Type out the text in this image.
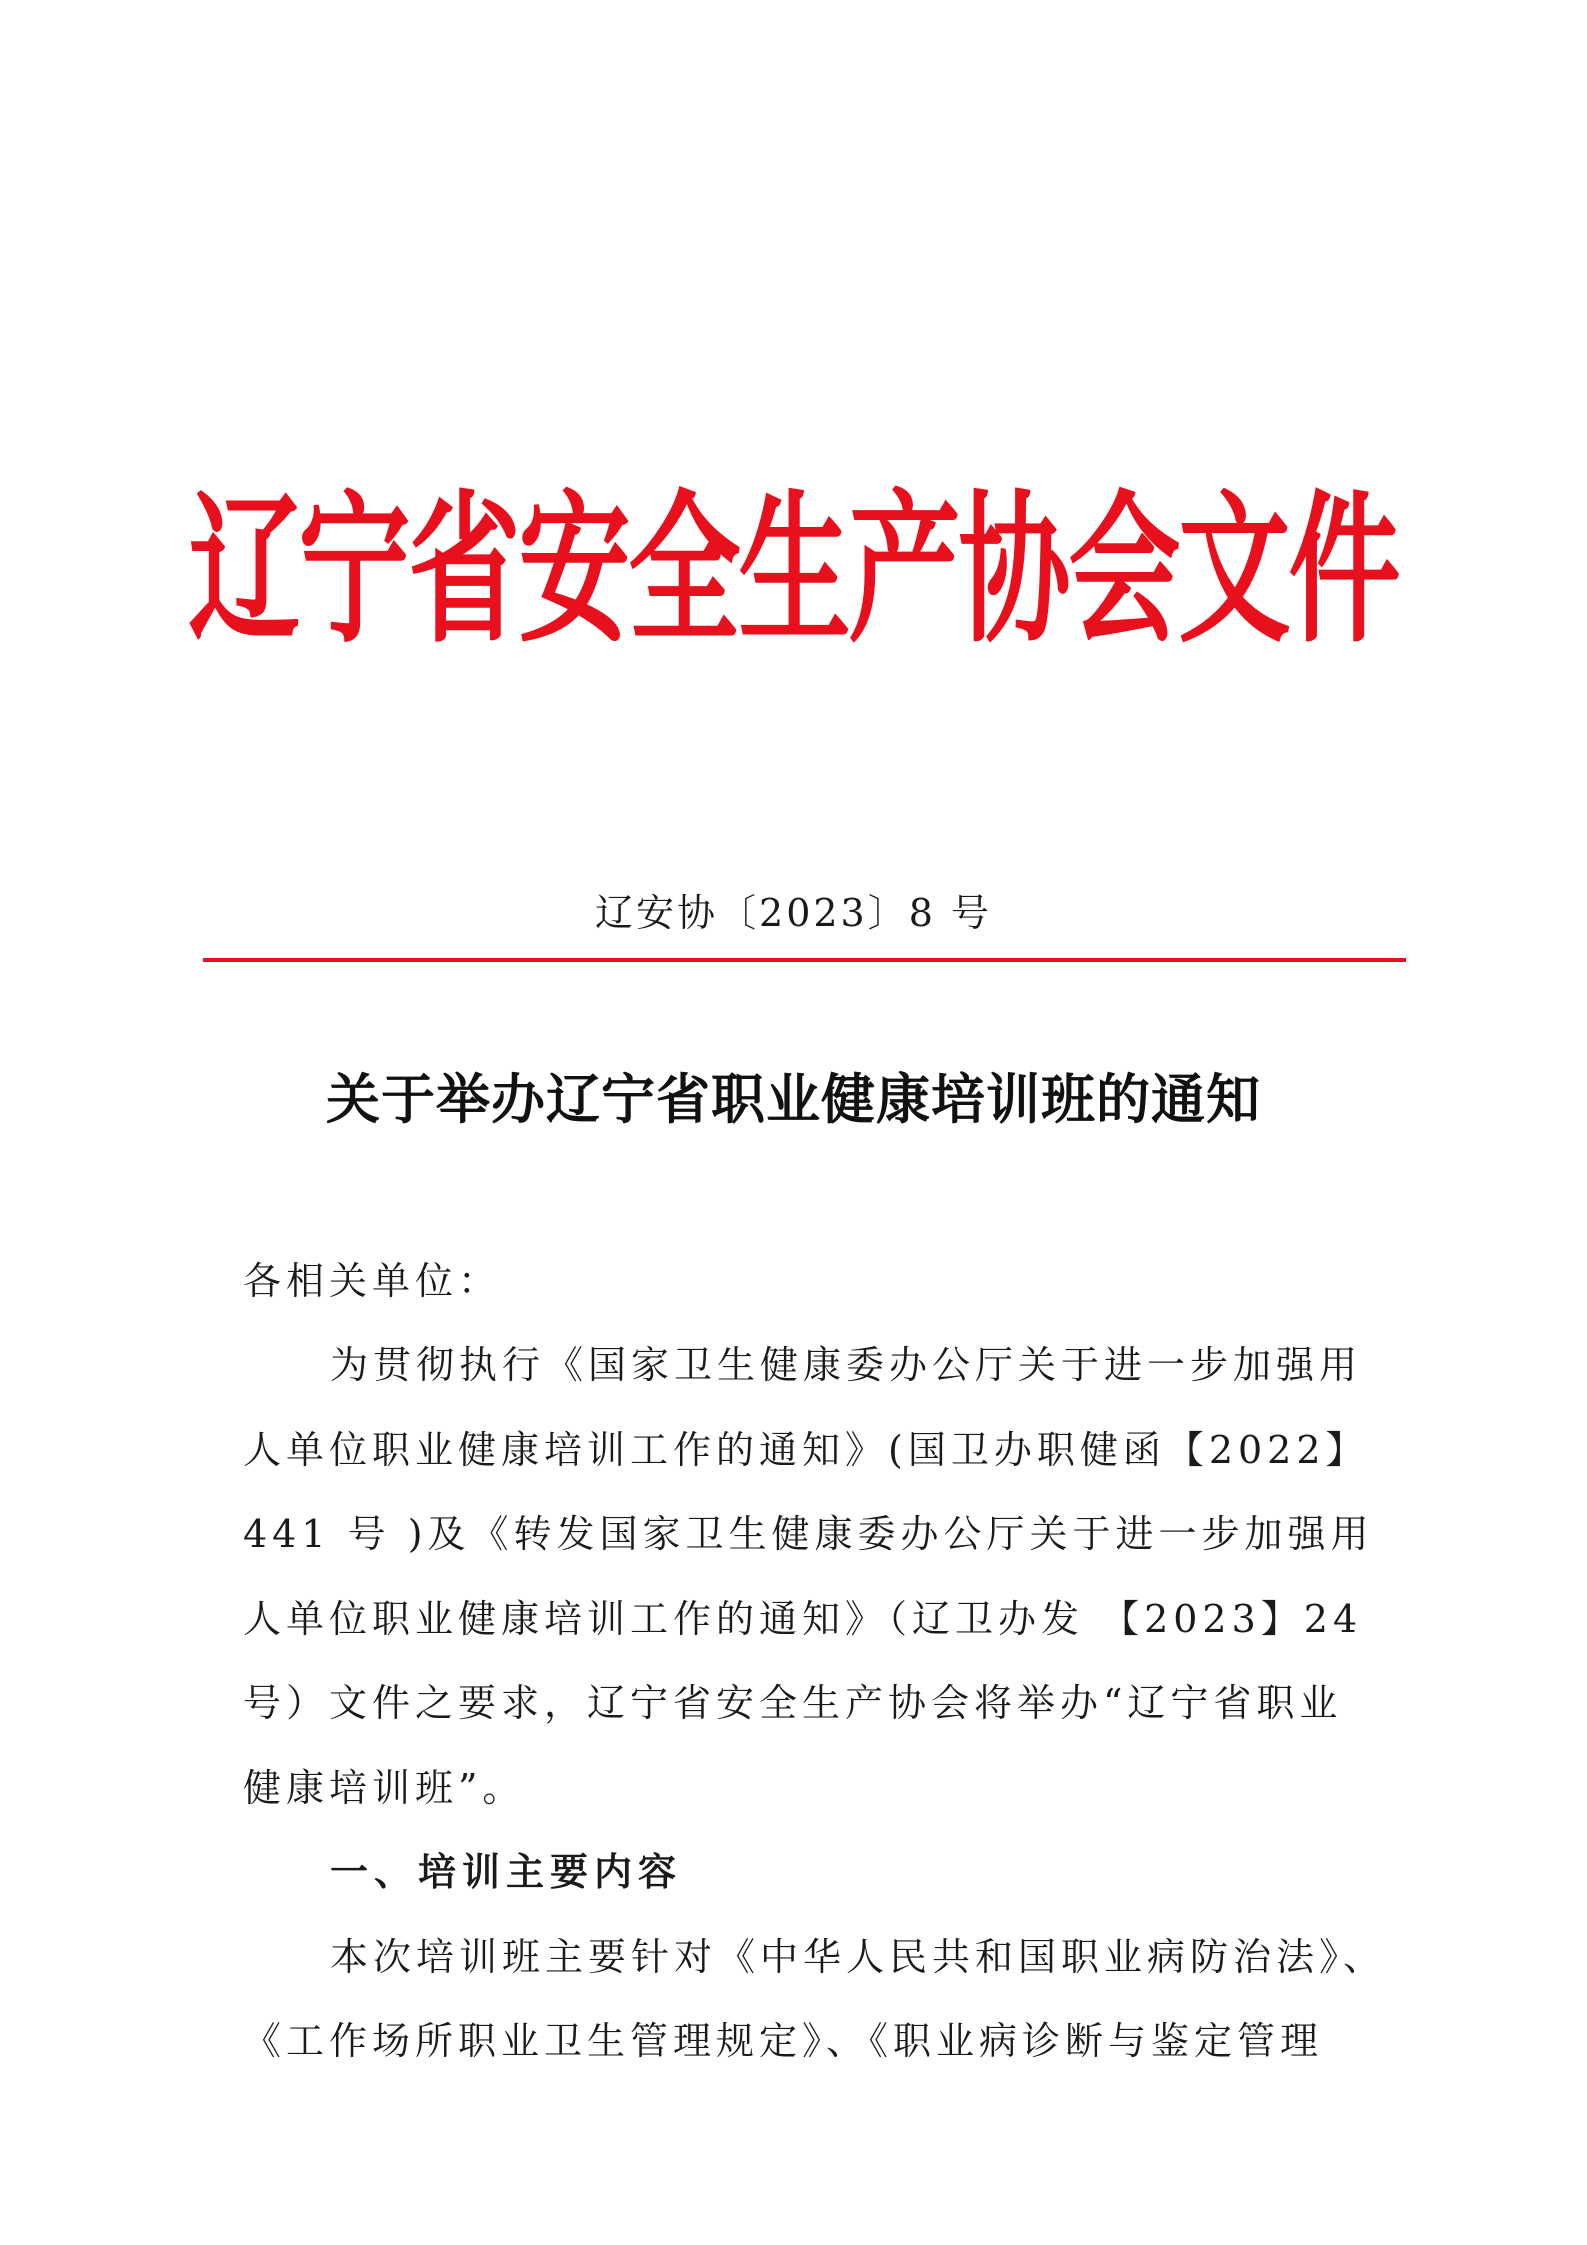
辽宁省安全生产协会文件
辽安协〔2023〕8 号
关于举办辽宁省职业健康培训班的通知
各相关单位：
为贯彻执行《国家卫生健康委办公厅关于进一步加强用
人单位职业健康培训工作的通知》(国卫办职健函【2022】
441 号 )及《转发国家卫生健康委办公厅关于进一步加强用
人单位职业健康培训工作的通知》（辽卫办发 【2023】24
号）文件之要求，辽宁省安全生产协会将举办“辽宁省职业
健康培训班”。
一、培训主要内容
本次培训班主要针对《中华人民共和国职业病防治法》、
《工作场所职业卫生管理规定》、《职业病诊断与鉴定管理
